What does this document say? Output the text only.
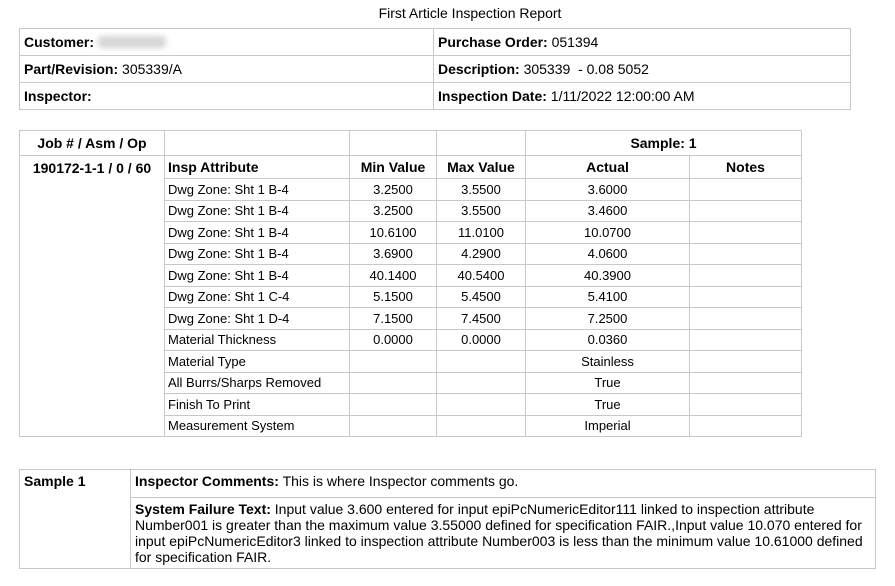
First Article Inspection Report
Customer:	Purchase Order: 051394
Part/Revision: 305339/A	Description: 305339  - 0.08 5052
Inspector:	Inspection Date: 1/11/2022 12:00:00 AM
Job # / Asm / Op				Sample: 1	
190172-1-1 / 0 / 60	Insp Attribute	Min Value	Max Value	Actual	Notes
	Dwg Zone: Sht 1 B-4	3.2500	3.5500	3.6000	
	Dwg Zone: Sht 1 B-4	3.2500	3.5500	3.4600	
	Dwg Zone: Sht 1 B-4	10.6100	11.0100	10.0700	
	Dwg Zone: Sht 1 B-4	3.6900	4.2900	4.0600	
	Dwg Zone: Sht 1 B-4	40.1400	40.5400	40.3900	
	Dwg Zone: Sht 1 C-4	5.1500	5.4500	5.4100	
	Dwg Zone: Sht 1 D-4	7.1500	7.4500	7.2500	
	Material Thickness	0.0000	0.0000	0.0360	
	Material Type			Stainless	
	All Burrs/Sharps Removed			True	
	Finish To Print			True	
	Measurement System			Imperial	
Sample 1	Inspector Comments: This is where Inspector comments go.
System Failure Text: Input value 3.600 entered for input epiPcNumericEditor111 linked to inspection attribute Number001 is greater than the maximum value 3.55000 defined for specification FAIR.,Input value 10.070 entered for input epiPcNumericEditor3 linked to inspection attribute Number003 is less than the minimum value 10.61000 defined for specification FAIR.
